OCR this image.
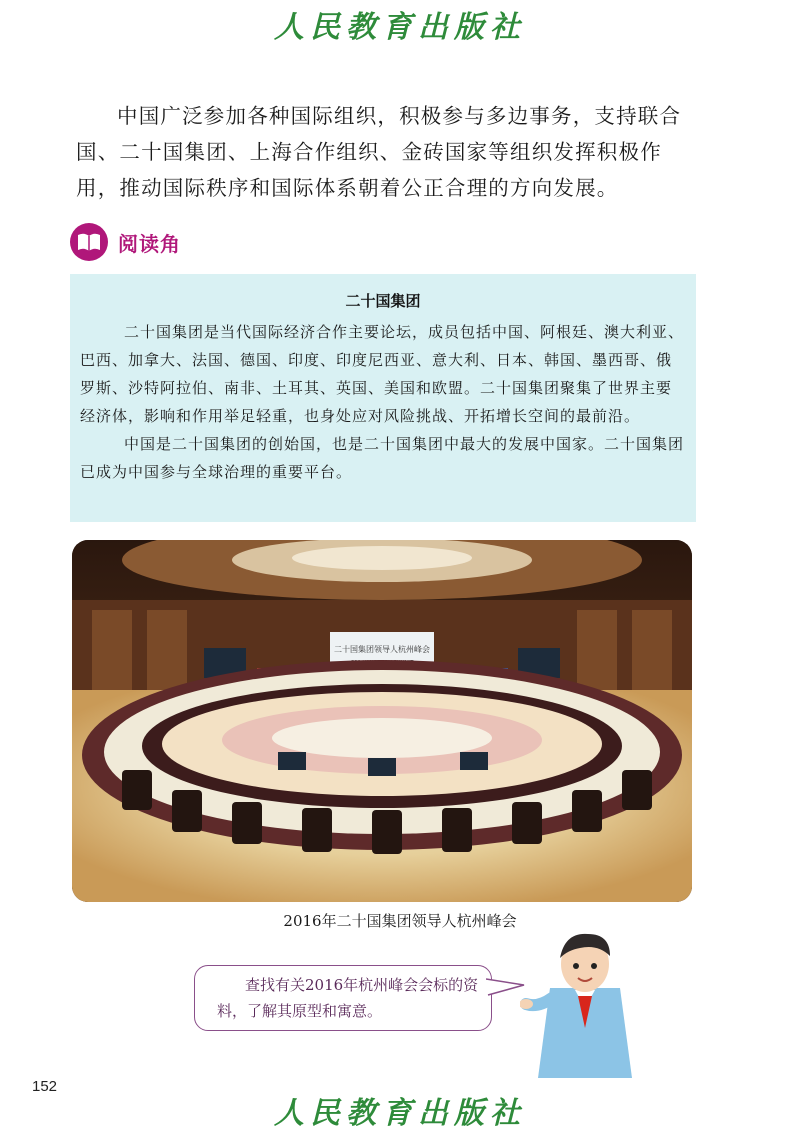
人民教育出版社

中国广泛参加各种国际组织，积极参与多边事务，支持联合国、二十国集团、上海合作组织、金砖国家等组织发挥积极作用，推动国际秩序和国际体系朝着公正合理的方向发展。

阅读角
二十国集团

二十国集团是当代国际经济合作主要论坛，成员包括中国、阿根廷、澳大利亚、巴西、加拿大、法国、德国、印度、印度尼西亚、意大利、日本、韩国、墨西哥、俄罗斯、沙特阿拉伯、南非、土耳其、英国、美国和欧盟。二十国集团聚集了世界主要经济体，影响和作用举足轻重，也身处应对风险挑战、开拓增长空间的最前沿。

中国是二十国集团的创始国，也是二十国集团中最大的发展中国家。二十国集团已成为中国参与全球治理的重要平台。

二十国集团领导人杭州峰会
2016年二十国集团领导人杭州峰会

查找有关2016年杭州峰会会标的资料，了解其原型和寓意。

152
人民教育出版社
